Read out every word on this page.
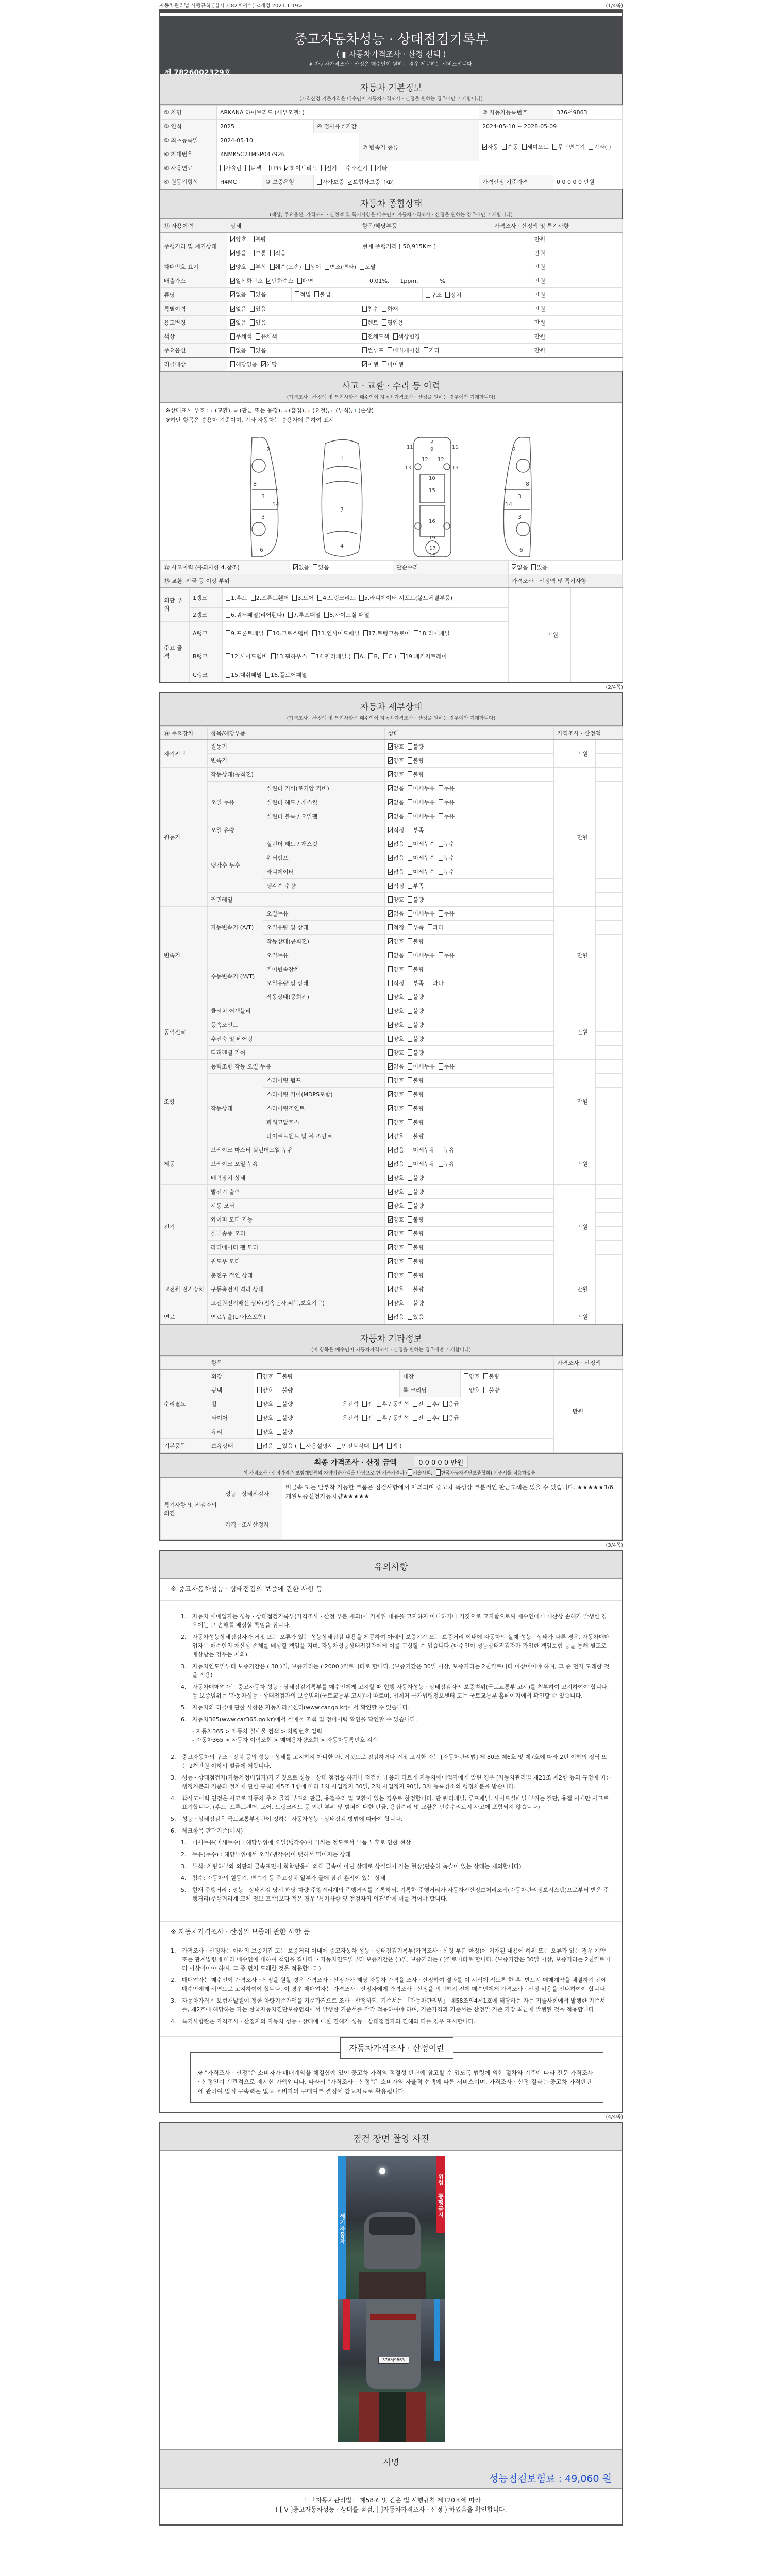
자동차관리법 시행규칙 [별지 제82호서식] <개정 2021.1.19>	(1/4쪽)
중고자동차성능 · 상태점검기록부
( ▮ 자동차가격조사 · 산정 선택 )
※ 자동차가격조사 · 산정은 매수인이 원하는 경우 제공하는 서비스입니다.
제 7826002329호
자동차 기본정보
(가격산정 기준가격은 매수인이 자동차가격조사 · 산정을 원하는 경우에만 기재합니다)
① 차명	ARKANA 하이브리드 (세부모델: )				② 자동차등록번호	376서9863
③ 연식	2025		④ 검사유효기간		2024-05-10 ~ 2028-05-09	
⑤ 최초등록일	2024-05-10			⑦ 변속기 종류	자동 수동 세미오토 무단변속기 기타( )	
⑥ 차대번호	KNMK5C2TMSP047926					
⑧ 사용연료	가솔린 디젤 LPG 하이브리드 전기 수소전기 기타					
⑨ 원동기형식	H4MC	⑩ 보증유형	자가보증 보험사보증 [KB]		가격산정 기준가격	0 0 0 0 0 만원
자동차 종합상태
(색상, 주요옵션, 가격조사 · 산정액 및 특기사항은 매수인이 자동차가격조사 · 산정을 원하는 경우에만 기재합니다)
⑪ 사용이력	상태	항목/해당부품	가격조사 · 산정액 및 특기사항	
주행거리 및 계기상태	양호 불량	현재 주행거리 [ 50,915Km ]	만원	
	많음 보통 적음		만원	
차대번호 표기	양호 부식 훼손(오손) 상이 변조(변타) 도말		만원	
배출가스	일산화탄소 탄화수소 매연	0.01%,      1ppm,            %	만원	
튜닝	없음 있음 적법 불법 구조 장치		만원	
특별이력	없음 있음	침수 화재	만원	
용도변경	없음 있음	렌트 영업용	만원	
색상	무채색 유채색	전체도색 색상변경	만원	
주요옵션	없음 있음	썬루프 네비게이션 기타	만원	
리콜대상	해당없음 해당	이행 미이행		
사고 · 교환 · 수리 등 이력
(가격조사 · 산정액 및 특기사항은 매수인이 자동차가격조사 · 산정을 원하는 경우에만 기재합니다)
※상태표시 부호 : x (교환), w (판금 또는 용접), a (흠집), u (요철), c (부식), t (손상)
※하단 항목은 승용차 기준이며, 기타 자동차는 승용차에 준하여 표시
2
3
3
8
14
6
1
7
4
5
9
11	11
13	13
12 12
10
15
16
19
17
18
2
3
3
8
14
6
⑫ 사고이력 (유의사항 4.참조)			없음 있음	단순수리	없음 있음	
⑬ 교환, 판금 등 이상 부위					가격조사 · 산정액 및 특기사항	
외판 부위	1랭크	1.후드 2.프론트휀더 3.도어 4.트렁크리드 5.라디에이터 서포트(볼트체결부품)			만원	
	2랭크	6.쿼터패널(리어휀다) 7.루프패널 8.사이드실 패널				
주요 골격	A랭크	9.프론트패널 10.크로스멤버 11.인사이드패널 17.트렁크플로어 18.리어패널				
	B랭크	12.사이드멤버 13.휠하우스 14.필러패널 ( A, B, C ) 19.패키지트레이				
	C랭크	15.대쉬패널 16.플로어패널				
(2/4쪽)
자동차 세부상태
(가격조사 · 산정액 및 특기사항은 매수인이 자동차가격조사 · 산정을 원하는 경우에만 기재합니다)
⑭ 주요장치	항목/해당부품		상태	가격조사 · 산정액	
자기진단	원동기		양호 불량	만원	
	변속기		양호 불량		
원동기	작동상태(공회전)		양호 불량	만원	
	오일 누유	실린더 커버(로커암 커버)	없음 미세누유 누유		
		실린더 헤드 / 개스킷	없음 미세누유 누유		
		실린더 블록 / 오일팬	없음 미세누유 누유		
	오일 유량		적정 부족		
	냉각수 누수	실린더 헤드 / 개스킷	없음 미세누수 누수		
		워터펌프	없음 미세누수 누수		
		라디에이터	없음 미세누수 누수		
		냉각수 수량	적정 부족		
	커먼레일		양호 불량		
변속기	자동변속기 (A/T)	오일누유	없음 미세누유 누유	만원	
		오일유량 및 상태	적정 부족 과다		
		작동상태(공회전)	양호 불량		
	수동변속기 (M/T)	오일누유	없음 미세누유 누유		
		기어변속장치	양호 불량		
		오일유량 및 상태	적정 부족 과다		
		작동상태(공회전)	양호 불량		
동력전달	클러치 어셈블리		양호 불량	만원	
	등속조인트		양호 불량		
	추진축 및 베어링		양호 불량		
	디퍼렌셜 기어		양호 불량		
조향	동력조향 작동 오일 누유		없음 미세누유 누유	만원	
	작동상태	스티어링 펌프	양호 불량		
		스티어링 기어(MDPS포함)	양호 불량		
		스티어링조인트	양호 불량		
		파워고압호스	양호 불량		
		타이로드엔드 및 볼 조인트	양호 불량		
제동	브레이크 마스터 실린더오일 누유		없음 미세누유 누유	만원	
	브레이크 오일 누유		없음 미세누유 누유		
	배력장치 상태		양호 불량		
전기	발전기 출력		양호 불량	만원	
	시동 모터		양호 불량		
	와이퍼 모터 기능		양호 불량		
	실내송풍 모터		양호 불량		
	라디에이터 팬 모터		양호 불량		
	윈도우 모터		양호 불량		
고전원 전기장치	충전구 절연 상태		양호 불량	만원	
	구동축전지 격리 상태		양호 불량		
	고전원전기배선 상태(접속단자,피복,보호기구)		양호 불량		
연료	연료누출(LP가스포함)		없음 있음	만원	
자동차 기타정보
(이 항목은 매수인이 자동차가격조사 · 산정을 원하는 경우에만 기재합니다)
	항목					가격조사 · 산정액	
수리필요	외장	양호 불량		내장	양호 불량	만원	
	광택	양호 불량		룸 크리닝	양호 불량		
	휠	양호 불량	운전석 전 후 / 동반석 전 후/ 응급				
	타이어	양호 불량	운전석 전 후 / 동반석 전 후/ 응급				
	유리	양호 불량					
기본품목	보유상태	없음 있음 ( 사용설명서 안전삼각대 잭 잭 )					
최종 가격조사 · 산정 금액	0 0 0 0 0 만원
이 가격조사 · 산정가격은 보험개발원의 차량기준가액을 바탕으로 한 기준가격과 ( 기술사회, 한국자동차진단보증협회) 기준서를 적용하였음
특기사항 및 점검자의 의견	성능 · 상태점검자	비금속 또는 탈부착 가능한 부품은 점검사항에서 제외되며 중고차 특성상 부분적인 판금도색은 있을 수 있습니다. ★★★★★3/6개월보증신청가능차량★★★★★
	가격 · 조사산정자	
(3/4쪽)
유의사항
※ 중고자동차성능 · 상태점검의 보증에 관한 사항 등
1.	자동차 매매업자는 성능 · 상태점검기록부(가격조사 · 산정 부분 제외)에 기재된 내용을 고지하지 아니하거나 거짓으로 고지함으로써 매수인에게 재산상 손해가 발생한 경우에는 그 손해를 배상할 책임을 집니다.
2.	자동차성능상태점검자가 거짓 또는 오류가 있는 성능상태점검 내용을 제공하여 아래의 보증기간 또는 보증거리 이내에 자동차의 실제 성능 · 상태가 다른 경우, 자동차매매업자는 매수인의 재산상 손해를 배상할 책임을 지며, 자동차성능상태점검자에게 이를 구상할 수 있습니다.(매수인이 성능상태점검자가 가입한 책임보험 등을 통해 별도로 배상받는 경우는 제외)
3.	자동차인도일부터 보증기간은 ( 30 )일, 보증거리는 ( 2000 )킬로미터로 합니다. (보증기간은 30일 이상, 보증거리는 2천킬로미터 이상이어야 하며, 그 중 먼저 도래한 것을 적용)
4.	자동차매매업자는 중고자동차 성능 · 상태점검기록부를 매수인에게 고지할 때 현행 자동차성능 · 상태점검자의 보증범위(국토교통부 고시)를 첨부하여 고지하여야 합니다. 동 보증범위는 '자동차성능 · 상태점검자의 보증범위(국토교통부 고시)'에 따르며, 법제처 국가법령정보센터 또는 국토교통부 홈페이지에서 확인할 수 있습니다.
5.	자동차의 리콜에 관한 사항은 자동차리콜센터(www.car.go.kr)에서 확인할 수 있습니다.
6.	자동차365(www.car365.go.kr)에서 실매물 조회 및 정비이력 확인을 확인할 수 있습니다.
- 자동차365 > 자동차 실매물 검색 > 차량번호 입력
- 자동차365 > 자동차 이력조회 > 매매용차량조회 > 자동차등록번호 검색
2.	중고자동차의 구조 · 장치 등의 성능 · 상태를 고지하지 아니한 자, 거짓으로 점검하거나 거짓 고지한 자는 [자동차관리법] 제 80조 제6호 및 제7호에 따라 2년 이하의 징역 또는 2천만원 이하의 벌금에 처합니다.
3.	성능 · 상태점검자(자동차정비업자)가 거짓으로 성능 · 상태 점검을 하거나 점검한 내용과 다르게 자동차매매업자에게 알린 경우 [자동차관리법 제21조 제2항 등의 규정에 따른 행정처분의 기준과 절차에 관한 규칙] 제5조 1항에 따라 1차 사업정지 30일, 2차 사업정지 90일, 3차 등록취소의 행정처분을 받습니다.
4.	⑫사고이력 인정은 사고로 자동차 주요 골격 부위의 판금, 용접수리 및 교환이 있는 경우로 한정합니다. 단 쿼터패널, 루프패널, 사이드실패널 부위는 절단, 용접 시에만 사고로 표기합니다. (후드, 프론트펜더, 도어, 트렁크리드 등 외판 부위 및 범퍼에 대한 판금, 용접수리 및 교환은 단순수리로서 사고에 포함되지 않습니다)
5.	성능 · 상태점검은 국토교통부장관이 정하는 자동차성능 · 상태점검 방법에 따라야 합니다.
6.	체크항목 판단기준(예시)
1.	미세누유(미세누수) : 해당부위에 오일(냉각수)이 비치는 정도로서 부품 노후로 인한 현상
2.	누유(누수) : 해당부위에서 오일(냉각수)이 맺혀서 떨어지는 상태
3.	부식: 차량하부와 외판의 금속표면이 화학반응에 의해 금속이 아닌 상태로 상실되어 가는 현상(단순히 녹슬어 있는 상태는 제외합니다)
4.	침수: 자동차의 원동기, 변속기 등 주요장치 일부가 물에 잠긴 흔적이 있는 상태
5.	현재 주행거리 : 성능 · 상태점검 당시 해당 차량 주행거리계의 주행거리를 기록하되, 기록한 주행거리가 자동차전산정보처리조직(자동차관리정보시스템)으로부터 받은 주행거리(주행거리계 교체 정보 포함)보다 적은 경우 '특기사항 및 점검자의 의견'란에 이를 적어야 합니다.
※ 자동차가격조사 · 산정의 보증에 관한 사항 등
1.	가격조사 · 산정자는 아래의 보증기간 또는 보증거리 이내에 중고자동차 성능 · 상태점검기록부(가격조사 · 산정 부분 한정)에 기재된 내용에 허위 또는 오류가 있는 경우 계약 또는 관계법령에 따라 매수인에 대하여 책임을 집니다. · 자동차인도일부터 보증기간은 ( )일, 보증거리는 ( )킬로미터로 합니다. (보증기간은 30일 이상, 보증거리는 2천킬로미터 이상이어야 하며, 그 중 먼저 도래한 것을 적용합니다)
2.	매매업자는 매수인이 가격조사 · 산정을 원할 경우 가격조사 · 산정자가 해당 자동차 가격을 조사 · 산정하여 결과를 이 서식에 적도록 한 후, 반드시 매매계약을 체결하기 전에 매수인에게 서면으로 고지하여야 합니다. 이 경우 매매업자는 가격조사 · 산정자에게 가격조사 · 산정을 의뢰하기 전에 매수인에게 가격조사 · 산정 비용을 안내하여야 합니다.
3.	자동차가격은 보험개발원이 정한 차량기준가액을 기준가격으로 조사 · 산정하되, 기준서는 「자동차관리법」 제58조의4제1호에 해당하는 자는 기술사회에서 발행한 기준서를, 제2호에 해당하는 자는 한국자동차진단보증협회에서 발행한 기준서를 각각 적용하여야 하며, 기준가격과 기준서는 산정일 기준 가장 최근에 발행된 것을 적용합니다.
4.	특기사항란은 가격조사 · 산정자의 자동차 성능 · 상태에 대한 견해가 성능 · 상태점검자의 견해와 다를 경우 표시합니다.
자동차가격조사 · 산정이란
※ "가격조사 · 산정"은 소비자가 매매계약을 체결함에 있어 중고차 가격의 적절성 판단에 참고할 수 있도록 법령에 의한 절차와 기준에 따라 전문 가격조사 · 산정인이 객관적으로 제시한 가액입니다. 따라서 "가격조사 · 산정"은 소비자의 자율적 선택에 따른 서비스이며, 가격조사 · 산정 결과는 중고차 가격판단에 관하여 법적 구속력은 없고 소비자의 구매여부 결정에 참고자료로 활용됩니다.
(4/4쪽)
점검 장면 촬영 사진
세기자동차
위험 통행금지
376서9863
서명
성능점검보험료 : 49,060 원
「 「자동차관리법」 제58조 및 같은 법 시행규칙 제120조에 따라
( [ V ]중고자동차성능 · 상태를 점검, [ ]자동차가격조사 · 산정 ) 하였음을 확인합니다.
